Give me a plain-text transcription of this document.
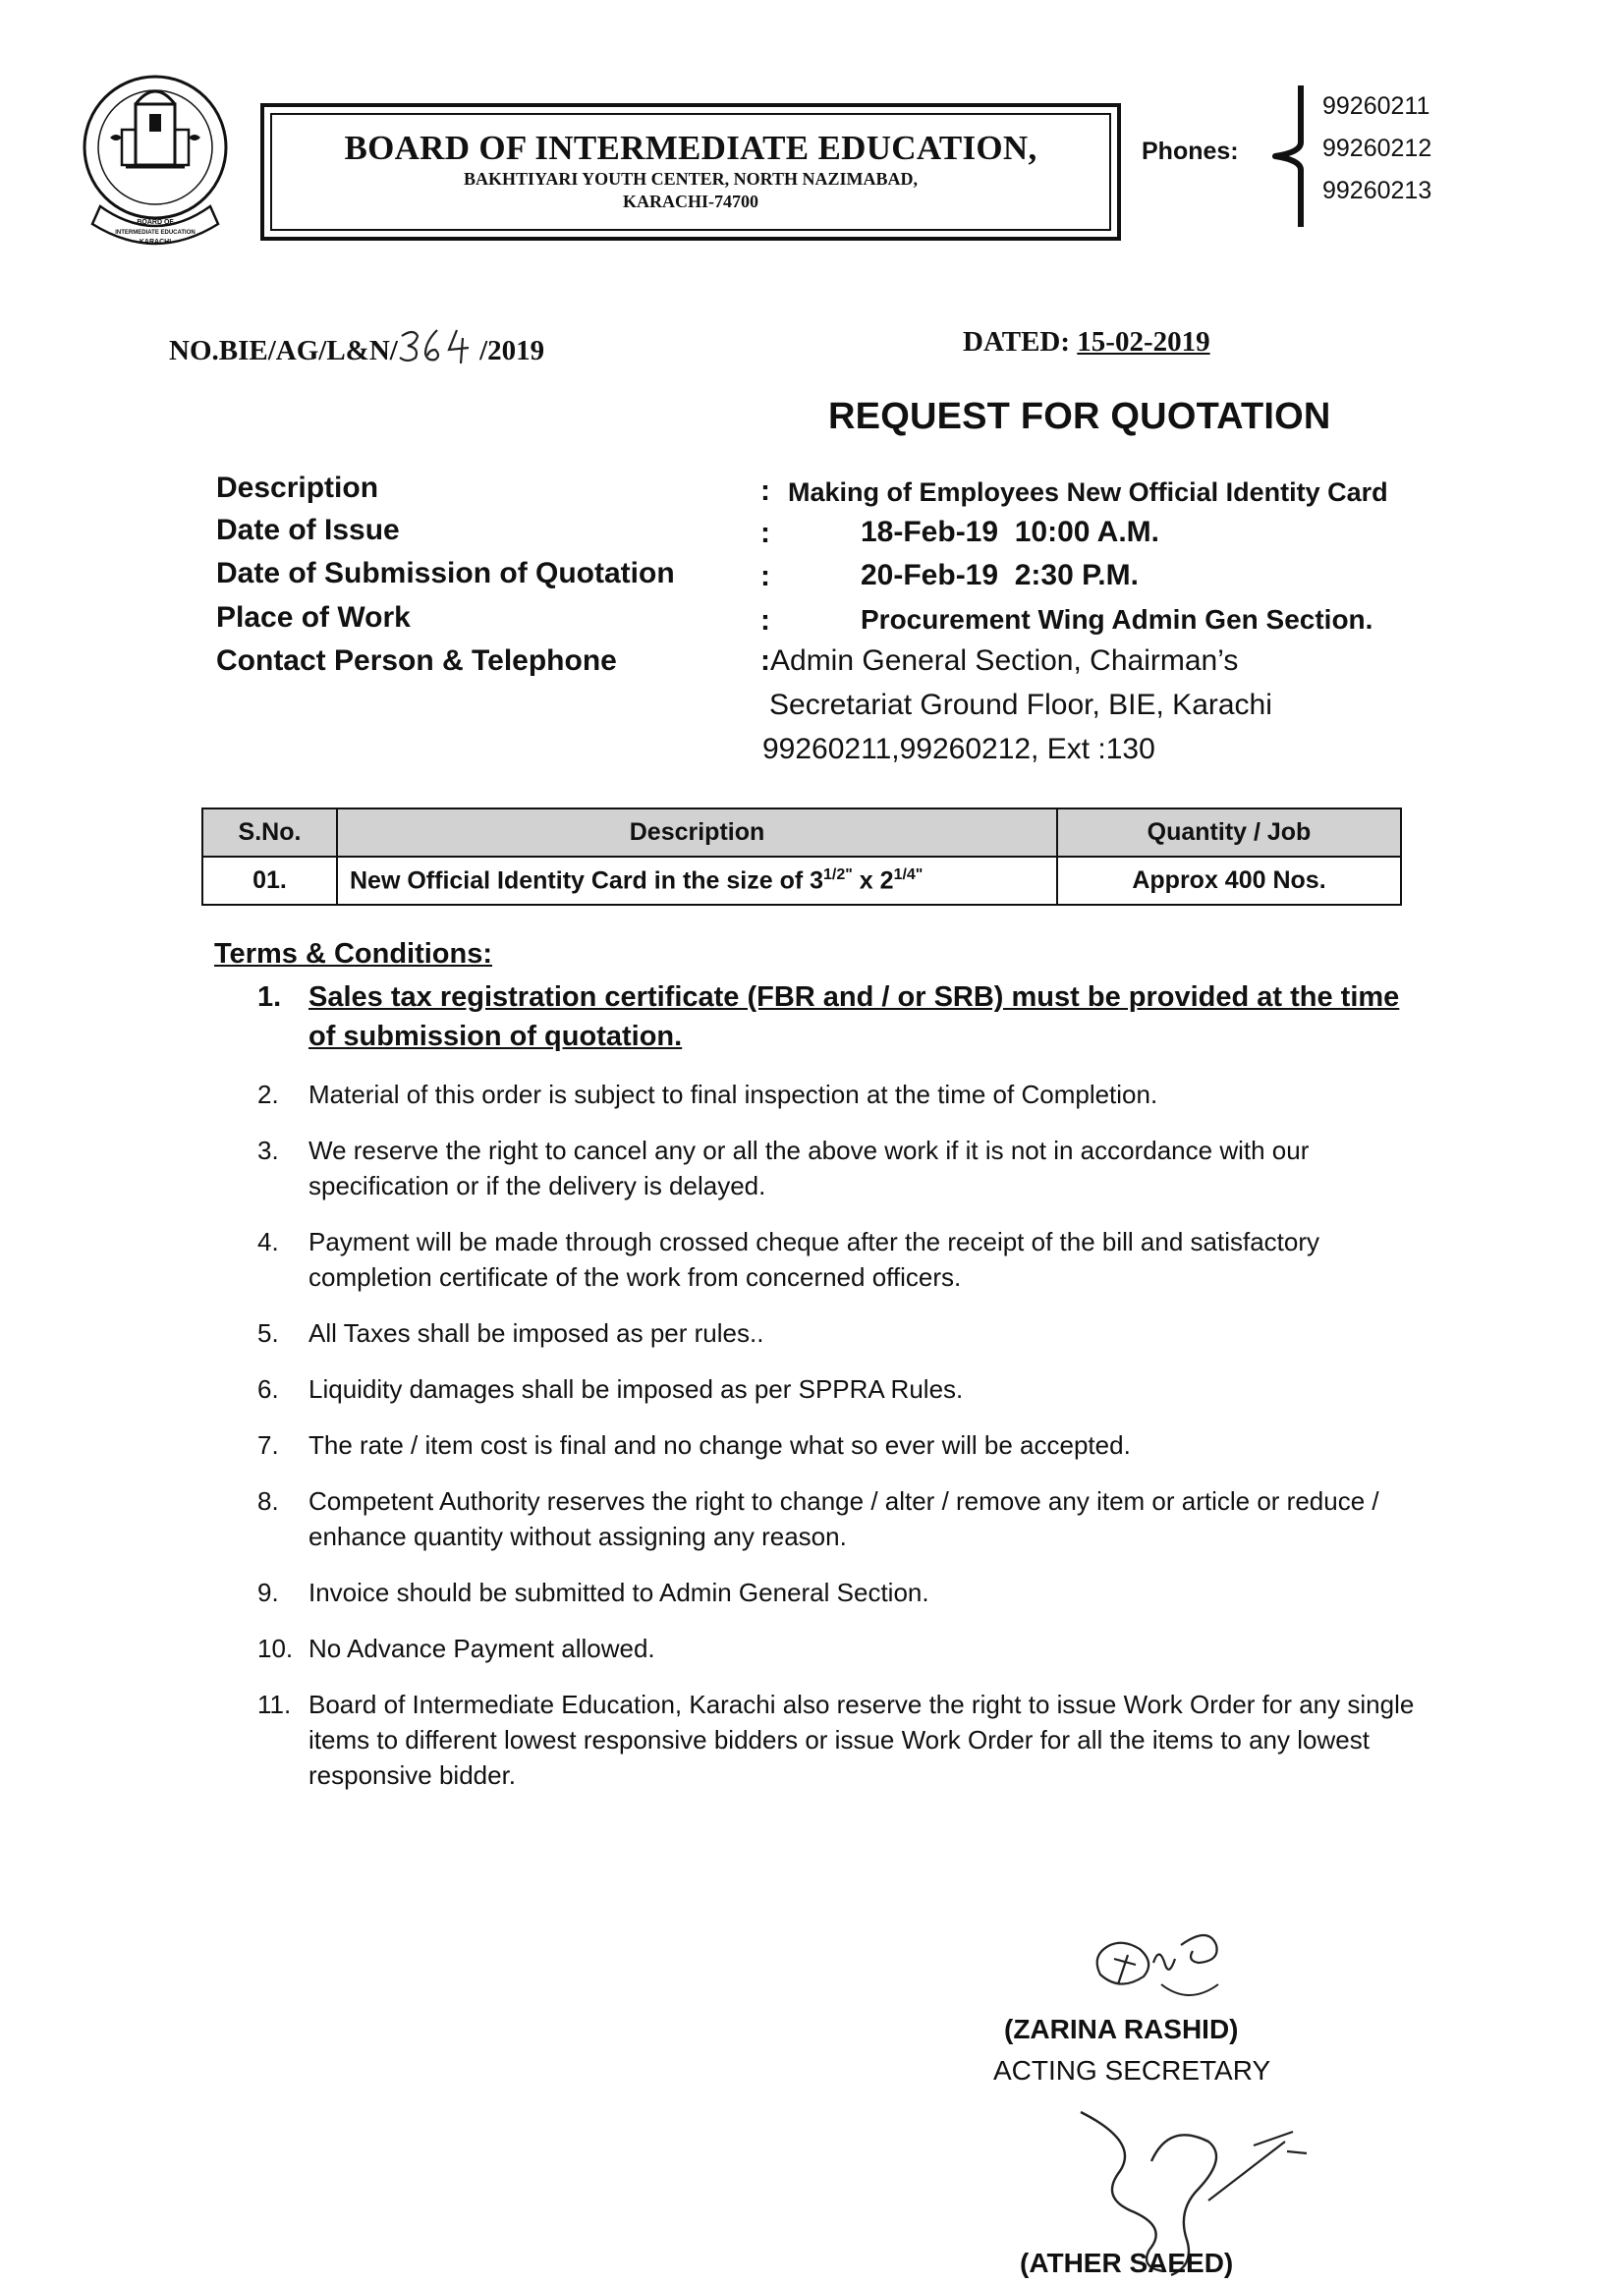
BOARD OF
INTERMEDIATE EDUCATION
KARACHI
BOARD OF INTERMEDIATE EDUCATION,
BAKHTIYARI YOUTH CENTER, NORTH NAZIMABAD,
KARACHI-74700
Phones:
99260211
99260212
99260213
NO.BIE/AG/L&N/	/2019	DATED: 15-02-2019
REQUEST FOR QUOTATION
Description	: Making of Employees New Official Identity Card
Date of Issue	:	18-Feb-19  10:00 A.M.
Date of Submission of Quotation	:	20-Feb-19  2:30 P.M.
Place of Work	:	Procurement Wing Admin Gen Section.
Contact Person & Telephone	:Admin General Section, Chairman’s
Secretariat Ground Floor, BIE, Karachi
99260211,99260212, Ext :130
S.No.	Description	Quantity / Job
01.	New Official Identity Card in the size of $3^{1/2"}$ x $2^{1/4"}$	Approx 400 Nos.
Terms & Conditions:
1. Sales tax registration certificate (FBR and / or SRB) must be provided at the time of submission of quotation.
2.	Material of this order is subject to final inspection at the time of Completion.
3.	We reserve the right to cancel any or all the above work if it is not in accordance with our specification or if the delivery is delayed.
4.	Payment will be made through crossed cheque after the receipt of the bill and satisfactory completion certificate of the work from concerned officers.
5.	All Taxes shall be imposed as per rules..
6.	Liquidity damages shall be imposed as per SPPRA Rules.
7.	The rate / item cost is final and no change what so ever will be accepted.
8.	Competent Authority reserves the right to change / alter / remove any item or article or reduce / enhance quantity without assigning any reason.
9.	Invoice should be submitted to Admin General Section.
10. No Advance Payment allowed.
11. Board of Intermediate Education, Karachi also reserve the right to issue Work Order for any single items to different lowest responsive bidders or issue Work Order for all the items to any lowest responsive bidder.
(ZARINA RASHID)
ACTING SECRETARY
(ATHER SAEED)
